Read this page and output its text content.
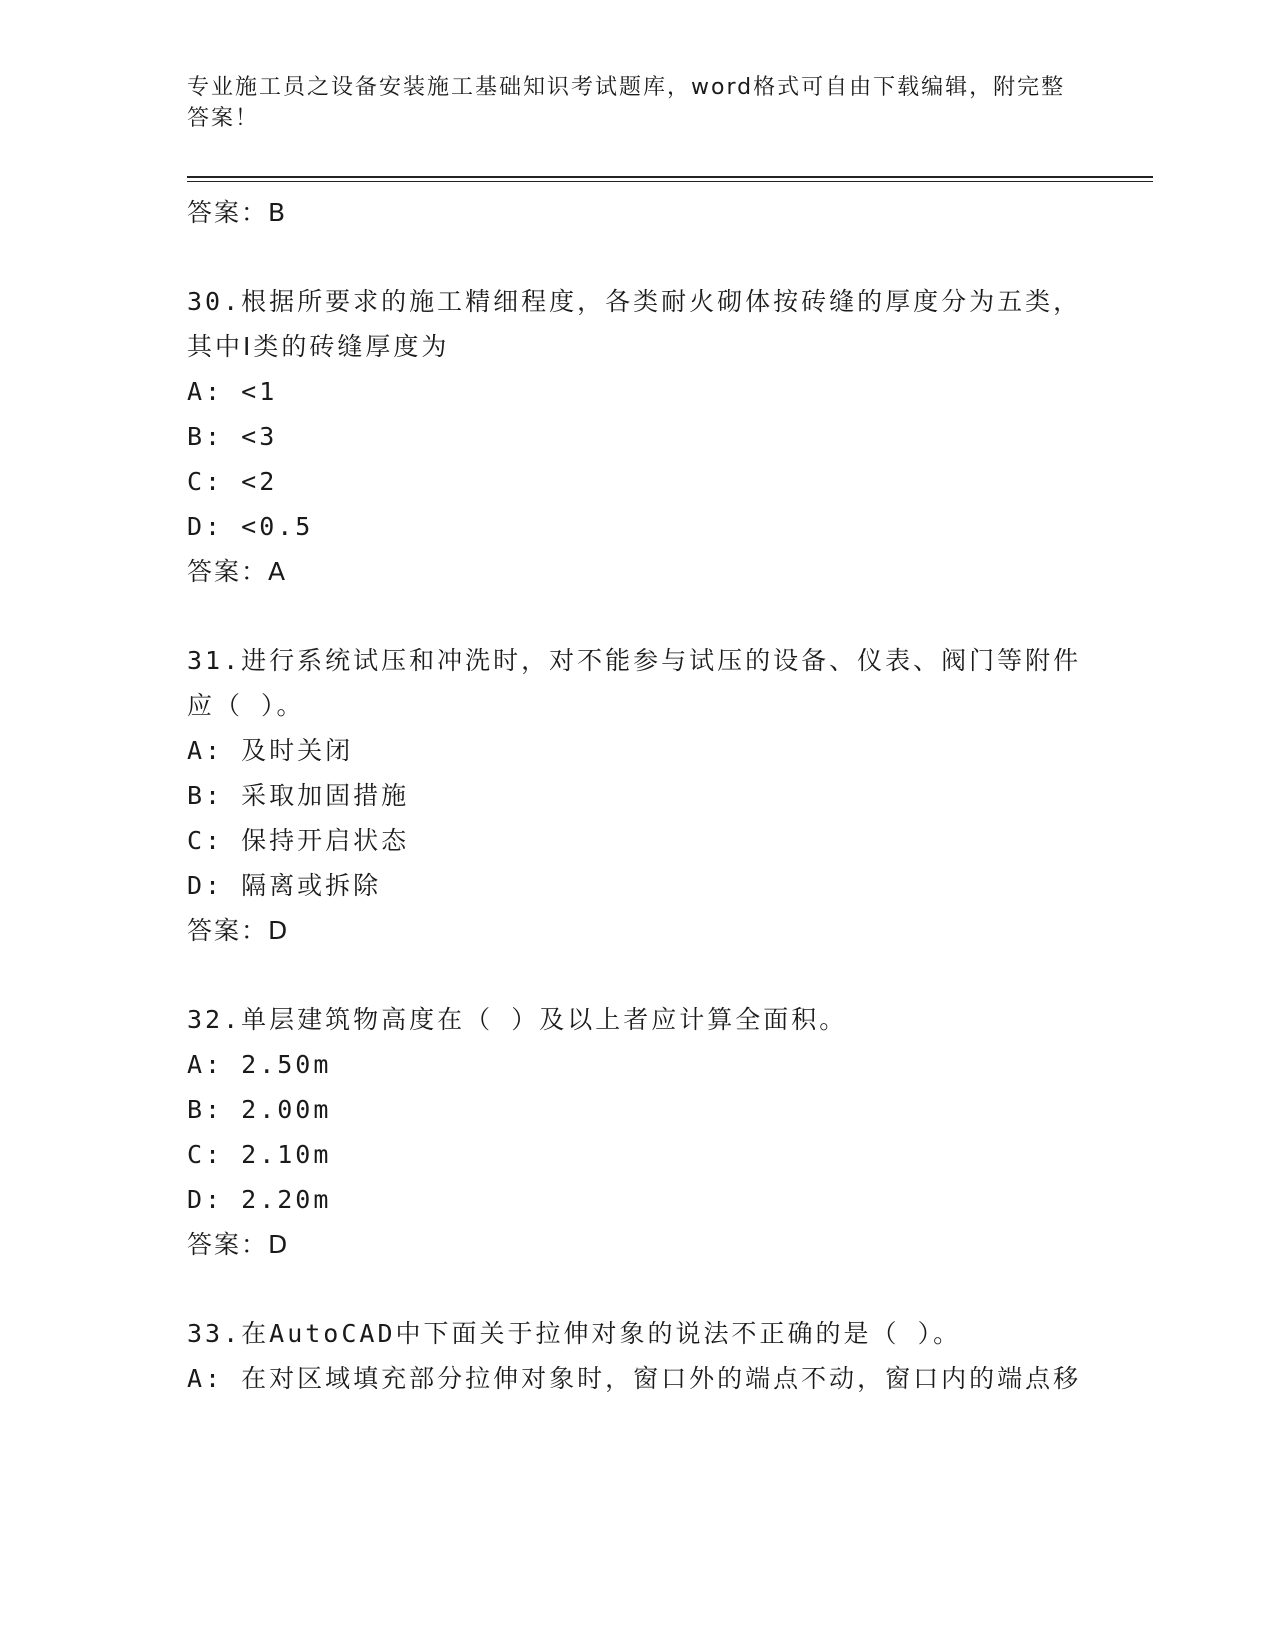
专业施工员之设备安装施工基础知识考试题库，word格式可自由下载编辑，附完整答案！
答案：B
30.根据所要求的施工精细程度，各类耐火砌体按砖缝的厚度分为五类，其中Ⅰ类的砖缝厚度为
A: <1
B: <3
C: <2
D: <0.5
答案：A
31.进行系统试压和冲洗时，对不能参与试压的设备、仪表、阀门等附件应（ ）。
A: 及时关闭
B: 采取加固措施
C: 保持开启状态
D: 隔离或拆除
答案：D
32.单层建筑物高度在（ ）及以上者应计算全面积。
A: 2.50m
B: 2.00m
C: 2.10m
D: 2.20m
答案：D
33.在AutoCAD中下面关于拉伸对象的说法不正确的是（ ）。
A: 在对区域填充部分拉伸对象时，窗口外的端点不动，窗口内的端点移
